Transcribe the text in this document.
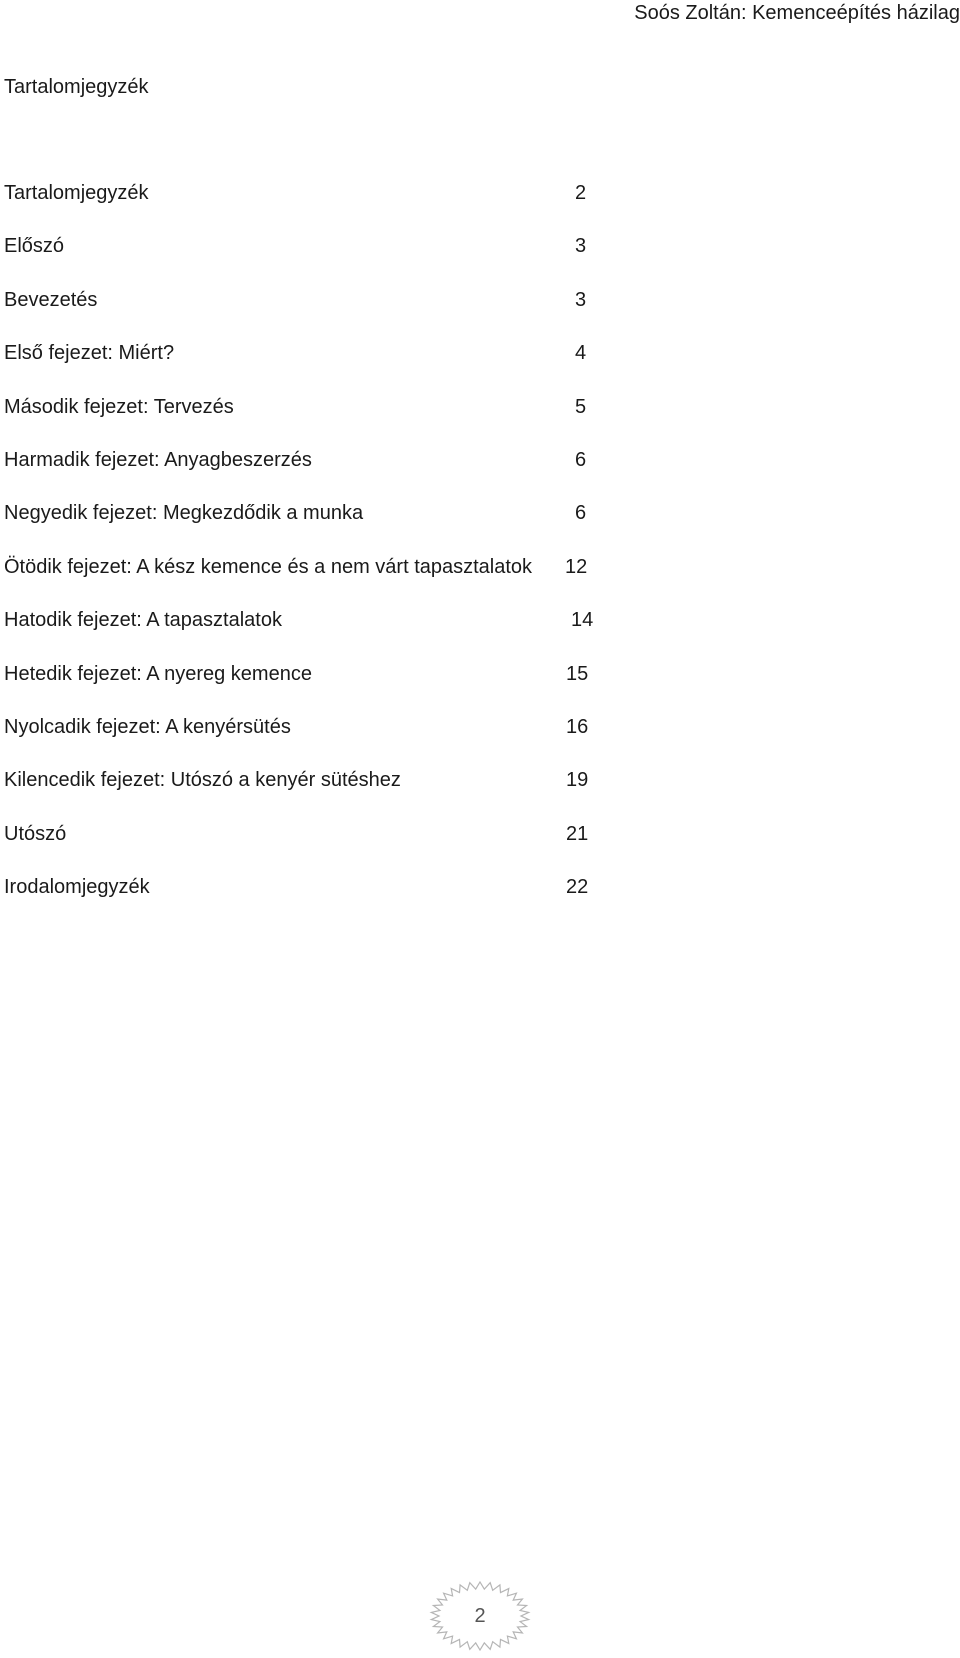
Soós Zoltán: Kemenceépítés házilag
Tartalomjegyzék
Tartalomjegyzék	2
Előszó	3
Bevezetés	3
Első fejezet: Miért?	4
Második fejezet: Tervezés	5
Harmadik fejezet: Anyagbeszerzés	6
Negyedik fejezet: Megkezdődik a munka	6
Ötödik fejezet: A kész kemence és a nem várt tapasztalatok 12
Hatodik fejezet: A tapasztalatok	14
Hetedik fejezet: A nyereg kemence	15
Nyolcadik fejezet: A kenyérsütés	16
Kilencedik fejezet: Utószó a kenyér sütéshez	19
Utószó	21
Irodalomjegyzék	22
2
